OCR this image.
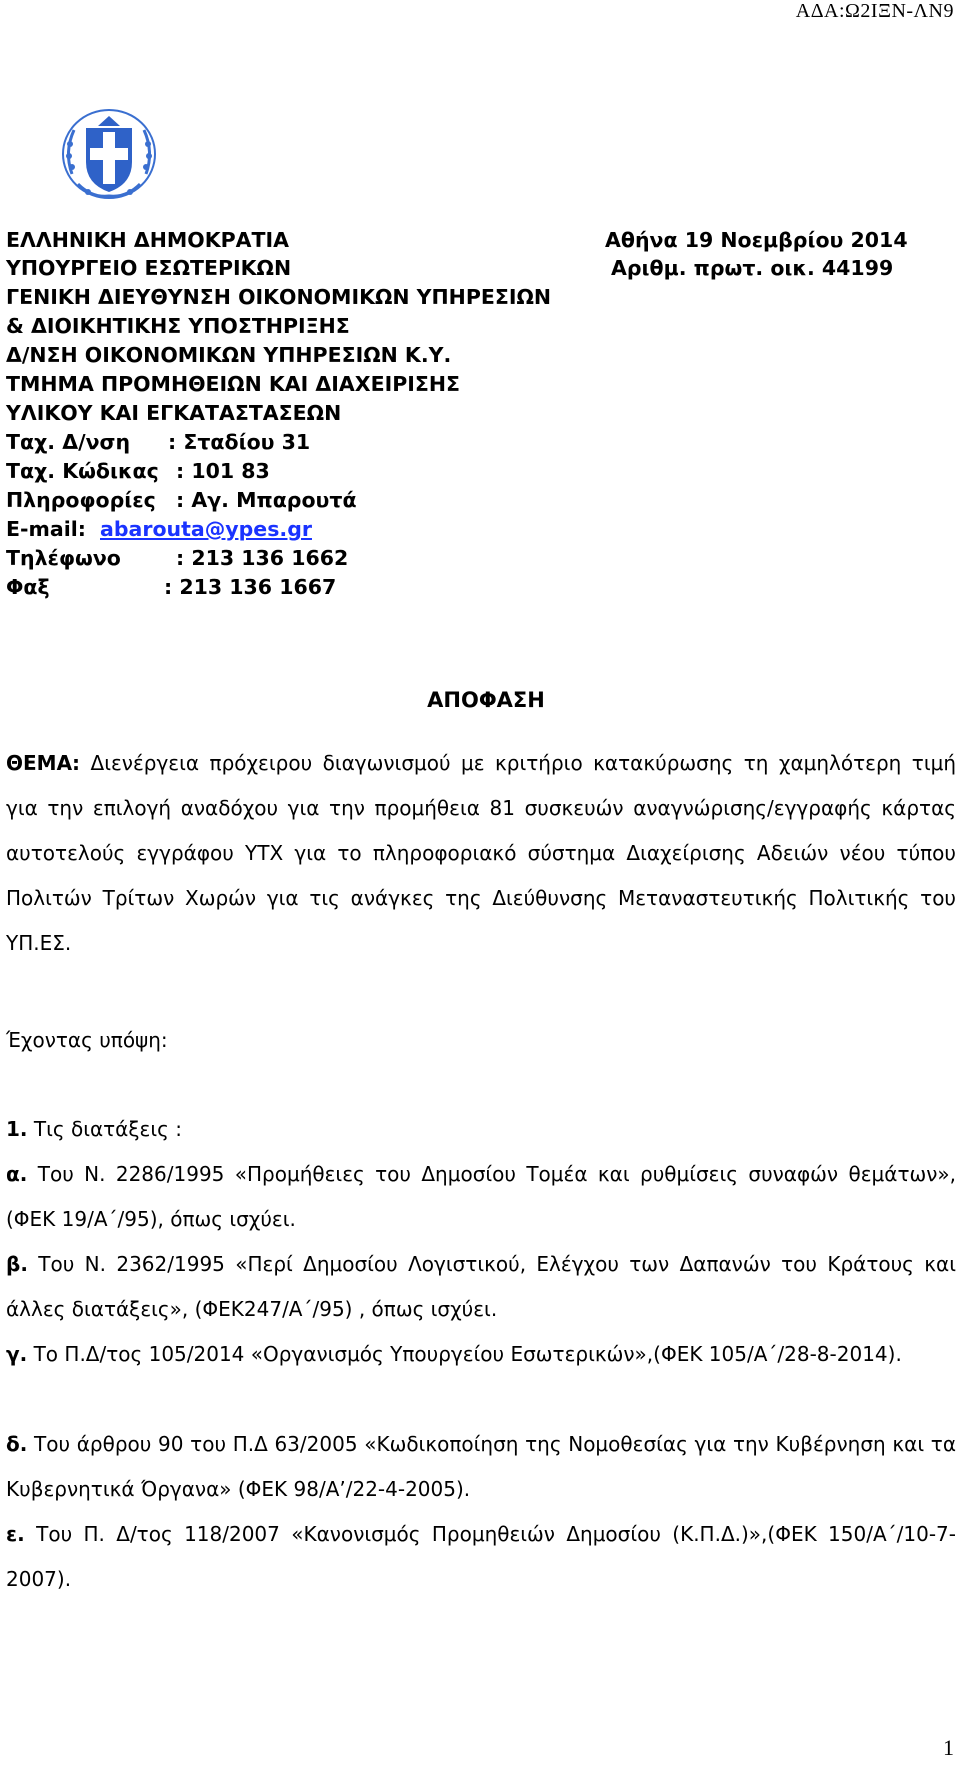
ΑΔΑ:Ω2ΙΞΝ-ΛΝ9
ΕΛΛΗΝΙΚΗ ΔΗΜΟΚΡΑΤΙΑ	Αθήνα 19 Νοεμβρίου 2014
ΥΠΟΥΡΓΕΙΟ ΕΣΩΤΕΡΙΚΩΝ	Αριθμ. πρωτ. οικ. 44199
ΓΕΝΙΚΗ ΔΙΕΥΘΥΝΣΗ ΟΙΚΟΝΟΜΙΚΩΝ ΥΠΗΡΕΣΙΩΝ
& ΔΙΟΙΚΗΤΙΚΗΣ ΥΠΟΣΤΗΡΙΞΗΣ
Δ/ΝΣΗ ΟΙΚΟΝΟΜΙΚΩΝ ΥΠΗΡΕΣΙΩΝ Κ.Υ.
ΤΜΗΜΑ ΠΡΟΜΗΘΕΙΩΝ ΚΑΙ ΔΙΑΧΕΙΡΙΣΗΣ
ΥΛΙΚΟΥ ΚΑΙ ΕΓΚΑΤΑΣΤΑΣΕΩΝ
Ταχ. Δ/νση : Σταδίου 31
Ταχ. Κώδικας : 101 83
Πληροφορίες : Αγ. Μπαρουτά
E-mail: abarouta@ypes.gr
Τηλέφωνο	: 213 136 1662
Φαξ	: 213 136 1667
ΑΠΟΦΑΣΗ
ΘΕΜΑ: Διενέργεια πρόχειρου διαγωνισμού με κριτήριο κατακύρωσης τη χαμηλότερη τιμή για την επιλογή αναδόχου για την προμήθεια 81 συσκευών αναγνώρισης/εγγραφής κάρτας αυτοτελούς εγγράφου ΥΤΧ για το πληροφοριακό σύστημα Διαχείρισης Αδειών νέου τύπου Πολιτών Τρίτων Χωρών για τις ανάγκες της Διεύθυνσης Μεταναστευτικής Πολιτικής του ΥΠ.ΕΣ.
Έχοντας υπόψη:
1. Τις διατάξεις :
α. Του Ν. 2286/1995 «Προμήθειες του Δημοσίου Τομέα και ρυθμίσεις συναφών θεμάτων»,(ΦΕΚ 19/Α΄/95), όπως ισχύει.
β. Του Ν. 2362/1995 «Περί Δημοσίου Λογιστικού, Ελέγχου των Δαπανών του Κράτους και άλλες διατάξεις», (ΦΕΚ247/Α΄/95) , όπως ισχύει.
γ. Το Π.Δ/τος 105/2014 «Οργανισμός Υπουργείου Εσωτερικών»,(ΦΕΚ 105/Α΄/28-8-2014).
δ. Του άρθρου 90 του Π.Δ 63/2005 «Κωδικοποίηση της Νομοθεσίας για την Κυβέρνηση και τα Κυβερνητικά Όργανα» (ΦΕΚ 98/Α’/22-4-2005).
ε. Του Π. Δ/τος 118/2007 «Κανονισμός Προμηθειών Δημοσίου (Κ.Π.Δ.)»,(ΦΕΚ 150/Α΄/10-7-2007).
1
